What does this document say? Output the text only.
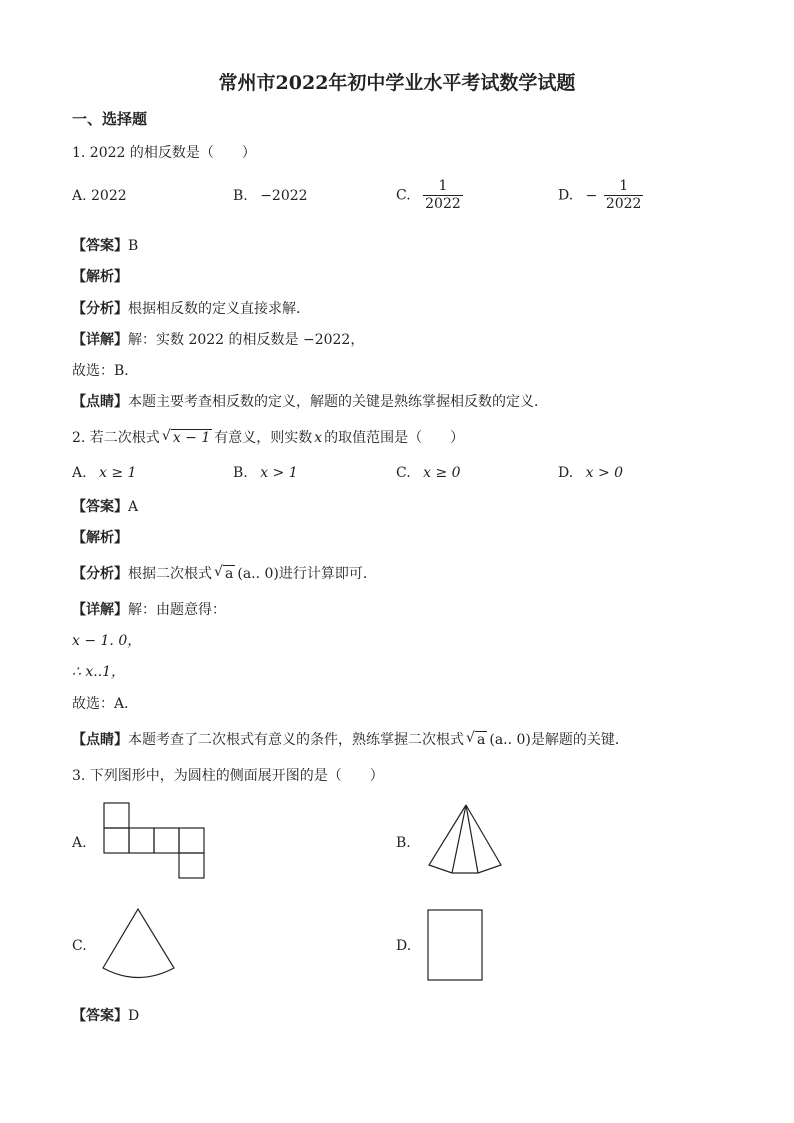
常州市2022年初中学业水平考试数学试题
一、选择题
1. 2022 的相反数是（　　）
A. 2022	B. −2022	C. $\frac{1}{2022}$	D. − $\frac{1}{2022}$
【答案】B
【解析】
【分析】根据相反数的定义直接求解．
【详解】解：实数 2022 的相反数是 −2022，
故选：B．
【点睛】本题主要考查相反数的定义，解题的关键是熟练掌握相反数的定义．
2. 若二次根式 √ x − 1 有意义，则实数 x 的取值范围是（　　）
A. x ≥ 1	B. x > 1	C. x ≥ 0	D. x > 0
【答案】A
【解析】
【分析】根据二次根式 √ a (a.. 0)进行计算即可．
【详解】解：由题意得：
x − 1. 0，
∴ x..1，
故选：A．
【点睛】本题考查了二次根式有意义的条件，熟练掌握二次根式 √ a (a.. 0)是解题的关键．
3. 下列图形中，为圆柱的侧面展开图的是（　　）
A.	B.
C.	D.
【答案】D
